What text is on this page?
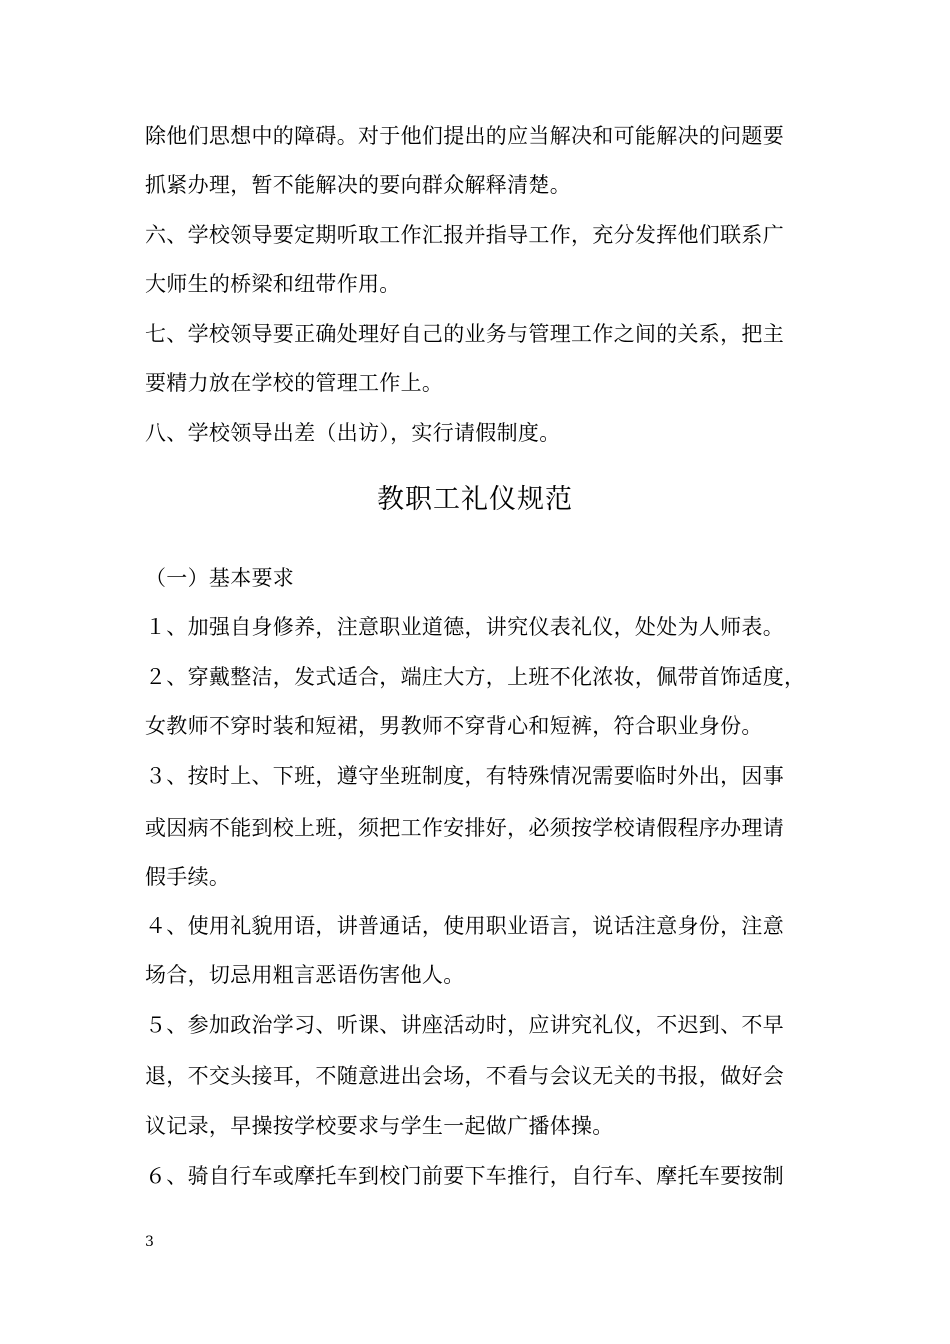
除他们思想中的障碍。对于他们提出的应当解决和可能解决的问题要
抓紧办理，暂不能解决的要向群众解释清楚。
六、学校领导要定期听取工作汇报并指导工作，充分发挥他们联系广
大师生的桥梁和纽带作用。
七、学校领导要正确处理好自己的业务与管理工作之间的关系，把主
要精力放在学校的管理工作上。
八、学校领导出差（出访），实行请假制度。
教职工礼仪规范
（一）基本要求
１、加强自身修养，注意职业道德，讲究仪表礼仪，处处为人师表。
２、穿戴整洁，发式适合，端庄大方，上班不化浓妆，佩带首饰适度，
女教师不穿时装和短裙，男教师不穿背心和短裤，符合职业身份。
３、按时上、下班，遵守坐班制度，有特殊情况需要临时外出，因事
或因病不能到校上班，须把工作安排好，必须按学校请假程序办理请
假手续。
４、使用礼貌用语，讲普通话，使用职业语言，说话注意身份，注意
场合，切忌用粗言恶语伤害他人。
５、参加政治学习、听课、讲座活动时，应讲究礼仪，不迟到、不早
退，不交头接耳，不随意进出会场，不看与会议无关的书报，做好会
议记录，早操按学校要求与学生一起做广播体操。
６、骑自行车或摩托车到校门前要下车推行，自行车、摩托车要按制
3
